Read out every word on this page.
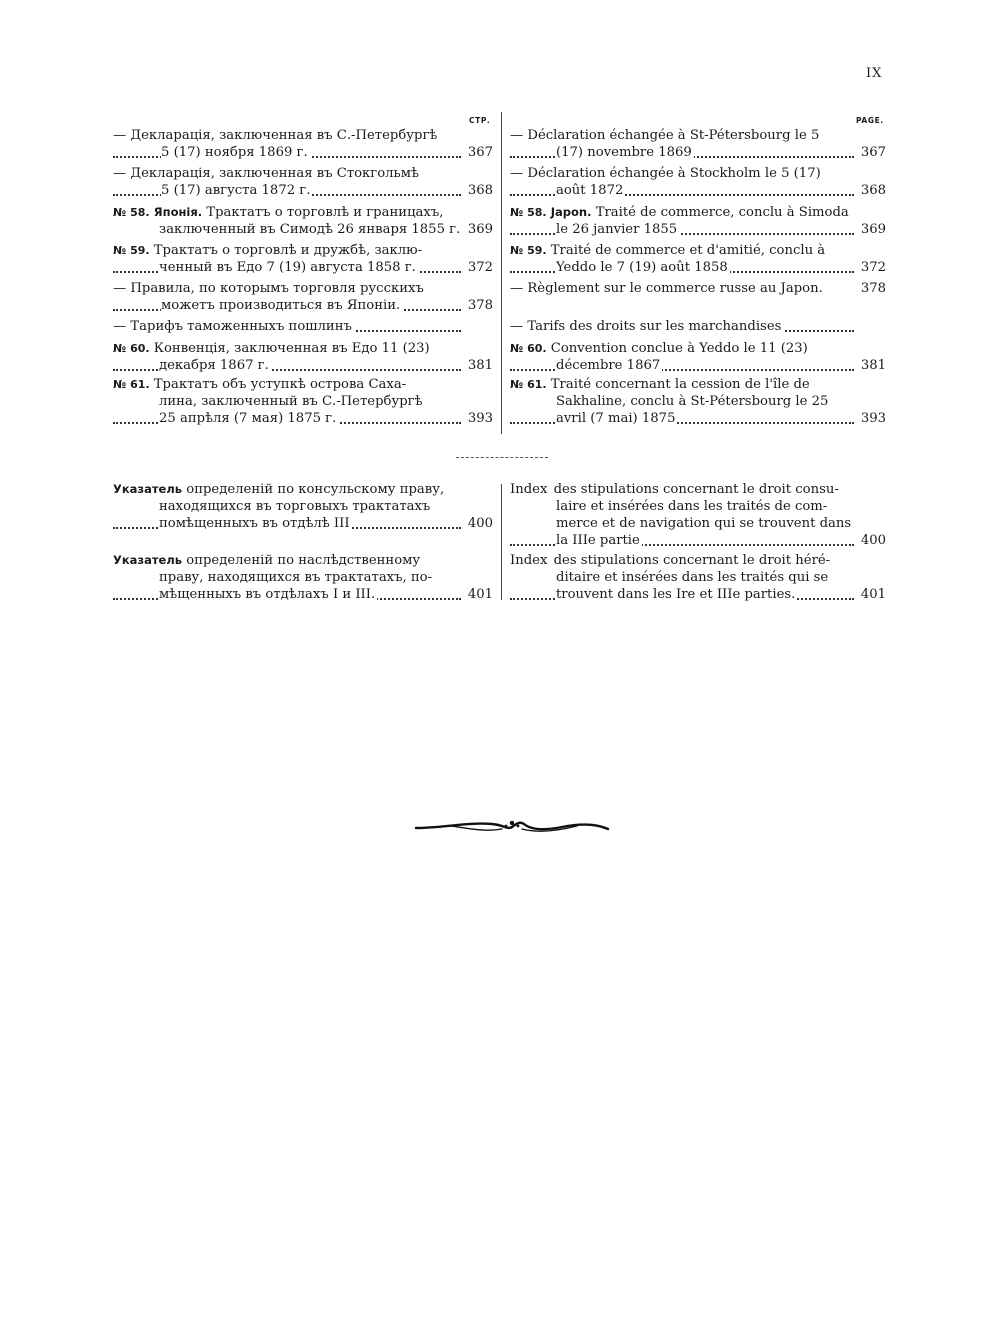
IX
СТР.
— Декларація, заключенная въ С.-Петербургѣ
5 (17) ноября 1869 г.	367
— Декларація, заключенная въ Стокгольмѣ
5 (17) августа 1872 г.	368
№ 58. Японія. Трактатъ о торговлѣ и границахъ,
заключенный въ Симодѣ 26 января 1855 г. 369
№ 59. Трактатъ о торговлѣ и дружбѣ, заклю-
ченный въ Едо 7 (19) августа 1858 г.	372
— Правила, по которымъ торговля русскихъ
можетъ производиться въ Японіи.	378
— Тарифъ таможенныхъ пошлинъ
№ 60. Конвенція, заключенная въ Едо 11 (23)
декабря 1867 г.	381
№ 61. Трактатъ объ уступкѣ острова Саха-
лина, заключенный въ С.-Петербургѣ
25 апрѣля (7 мая) 1875 г.	393
Указатель определеній по консульскому праву,
находящихся въ торговыхъ трактатахъ
помѣщенныхъ въ отдѣлѣ III	400
Указатель определеній по наслѣдственному
праву, находящихся въ трактатахъ, по-
мѣщенныхъ въ отдѣлахъ I и III.	401
PAGE.
— Déclaration échangée à St-Pétersbourg le 5
(17) novembre 1869	367
— Déclaration échangée à Stockholm le 5 (17)
août 1872	368
№ 58. Japon. Traité de commerce, conclu à Simoda
le 26 janvier 1855	369
№ 59. Traité de commerce et d'amitié, conclu à
Yeddo le 7 (19) août 1858	372
— Règlement sur le commerce russe au Japon.	378
— Tarifs des droits sur les marchandises
№ 60. Convention conclue à Yeddo le 11 (23)
décembre 1867	381
№ 61. Traité concernant la cession de l'île de
Sakhaline, conclu à St-Pétersbourg le 25
avril (7 mai) 1875	393
Index des stipulations concernant le droit consu-
laire et insérées dans les traités de com-
merce et de navigation qui se trouvent dans
la IIIe partie	400
Index des stipulations concernant le droit héré-
ditaire et insérées dans les traités qui se
trouvent dans les Ire et IIIe parties.	401
